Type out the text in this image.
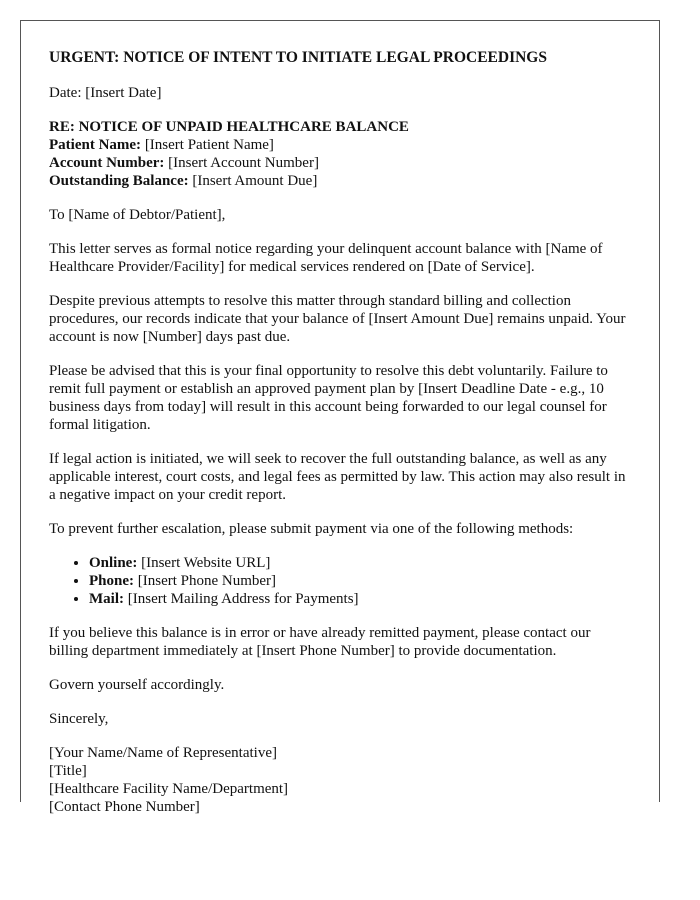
URGENT: NOTICE OF INTENT TO INITIATE LEGAL PROCEEDINGS

Date: [Insert Date]

RE: NOTICE OF UNPAID HEALTHCARE BALANCE
Patient Name: [Insert Patient Name]
Account Number: [Insert Account Number]
Outstanding Balance: [Insert Amount Due]

To [Name of Debtor/Patient],

This letter serves as formal notice regarding your delinquent account balance with [Name of Healthcare Provider/Facility] for medical services rendered on [Date of Service].

Despite previous attempts to resolve this matter through standard billing and collection procedures, our records indicate that your balance of [Insert Amount Due] remains unpaid. Your account is now [Number] days past due.

Please be advised that this is your final opportunity to resolve this debt voluntarily. Failure to remit full payment or establish an approved payment plan by [Insert Deadline Date - e.g., 10 business days from today] will result in this account being forwarded to our legal counsel for formal litigation.

If legal action is initiated, we will seek to recover the full outstanding balance, as well as any applicable interest, court costs, and legal fees as permitted by law. This action may also result in a negative impact on your credit report.

To prevent further escalation, please submit payment via one of the following methods:

• Online: [Insert Website URL]
• Phone: [Insert Phone Number]
• Mail: [Insert Mailing Address for Payments]

If you believe this balance is in error or have already remitted payment, please contact our billing department immediately at [Insert Phone Number] to provide documentation.

Govern yourself accordingly.

Sincerely,

[Your Name/Name of Representative]
[Title]
[Healthcare Facility Name/Department]
[Contact Phone Number]
